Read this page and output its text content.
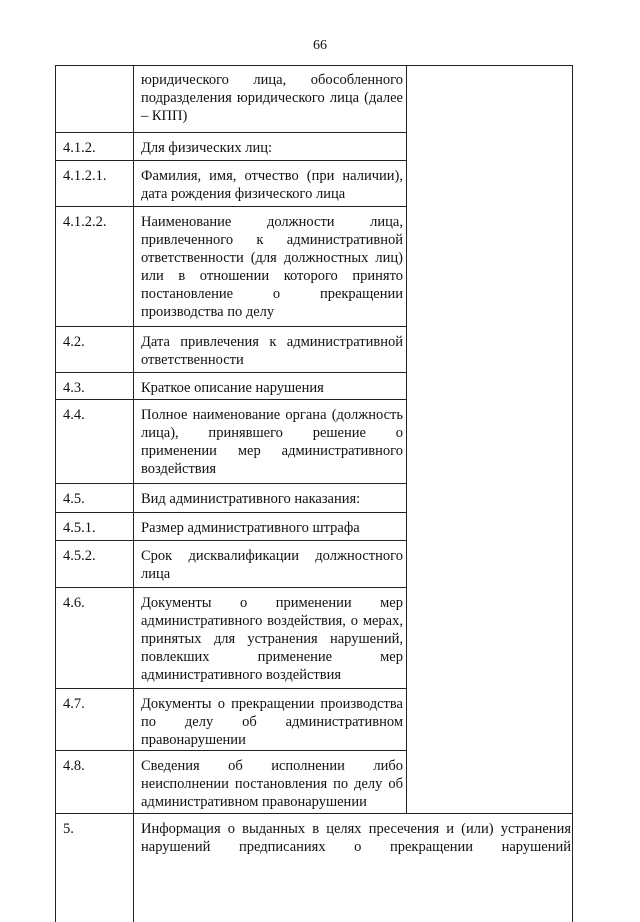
66
юридического лица, обособленного подразделения юридического лица (далее – КПП)
4.1.2.	Для физических лиц:
4.1.2.1.	Фамилия, имя, отчество (при наличии), дата рождения физического лица
4.1.2.2.	Наименование должности лица, привлеченного к административной ответственности (для должностных лиц) или в отношении которого принято постановление о прекращении производства по делу
4.2.	Дата привлечения к административной ответственности
4.3.	Краткое описание нарушения
4.4.	Полное наименование органа (должность лица), принявшего решение о применении мер административного воздействия
4.5.	Вид административного наказания:
4.5.1.	Размер административного штрафа
4.5.2.	Срок дисквалификации должностного лица
4.6.	Документы о применении мер административного воздействия, о мерах, принятых для устранения нарушений, повлекших применение мер административного воздействия
4.7.	Документы о прекращении производства по делу об административном правонарушении
4.8.	Сведения об исполнении либо неисполнении постановления по делу об административном правонарушении
5.	Информация о выданных в целях пресечения и (или) устранения нарушений предписаниях о прекращении нарушений
